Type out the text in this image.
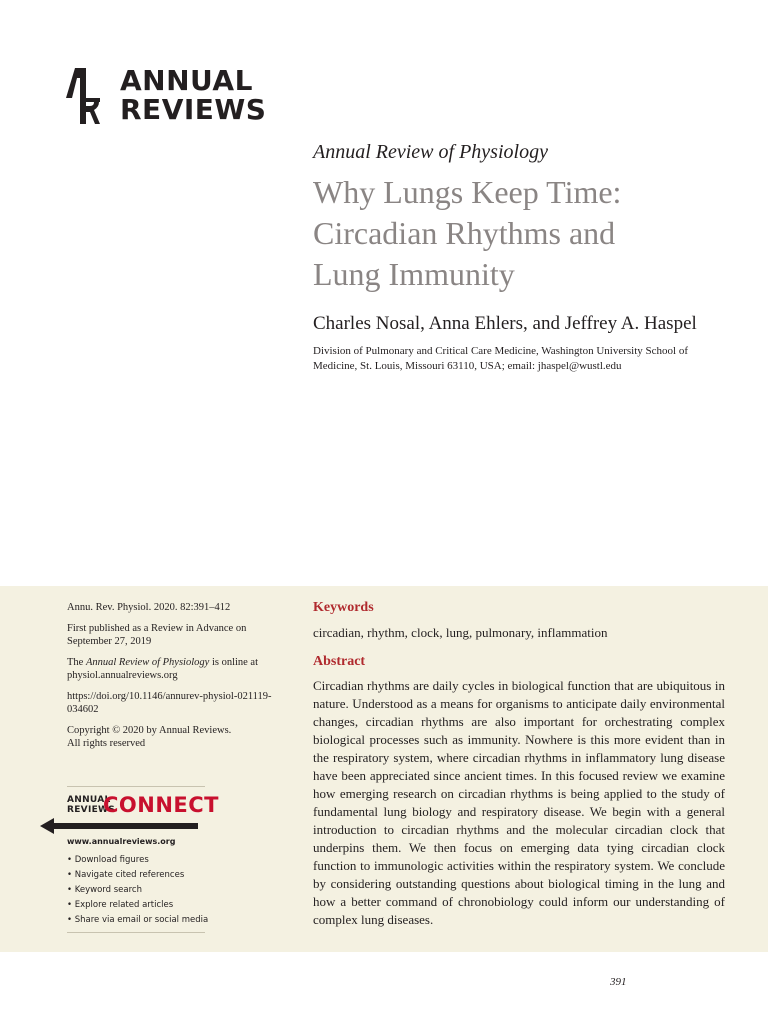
ANNUAL
REVIEWS
Annual Review of Physiology
Why Lungs Keep Time:
Circadian Rhythms and
Lung Immunity
Charles Nosal, Anna Ehlers, and Jeffrey A. Haspel
Division of Pulmonary and Critical Care Medicine, Washington University School of Medicine, St. Louis, Missouri 63110, USA; email: jhaspel@wustl.edu

Annu. Rev. Physiol. 2020. 82:391–412

First published as a Review in Advance on September 27, 2019

The Annual Review of Physiology is online at physiol.annualreviews.org

https://doi.org/10.1146/annurev-physiol-021119-034602

Copyright © 2020 by Annual Reviews.
All rights reserved

ANNUAL
REVIEWS
CONNECT
www.annualreviews.org
• Download figures
• Navigate cited references
• Keyword search
• Explore related articles
• Share via email or social media

Keywords

circadian, rhythm, clock, lung, pulmonary, inflammation

Abstract

Circadian rhythms are daily cycles in biological function that are ubiquitous in nature. Understood as a means for organisms to anticipate daily environmental changes, circadian rhythms are also important for orchestrating complex biological processes such as immunity. Nowhere is this more evident than in the respiratory system, where circadian rhythms in inflammatory lung disease have been appreciated since ancient times. In this focused review we examine how emerging research on circadian rhythms is being applied to the study of fundamental lung biology and respiratory disease. We begin with a general introduction to circadian rhythms and the molecular circadian clock that underpins them. We then focus on emerging data tying circadian clock function to immunologic activities within the respiratory system. We conclude by considering outstanding questions about biological timing in the lung and how a better command of chronobiology could inform our understanding of complex lung diseases.

391
